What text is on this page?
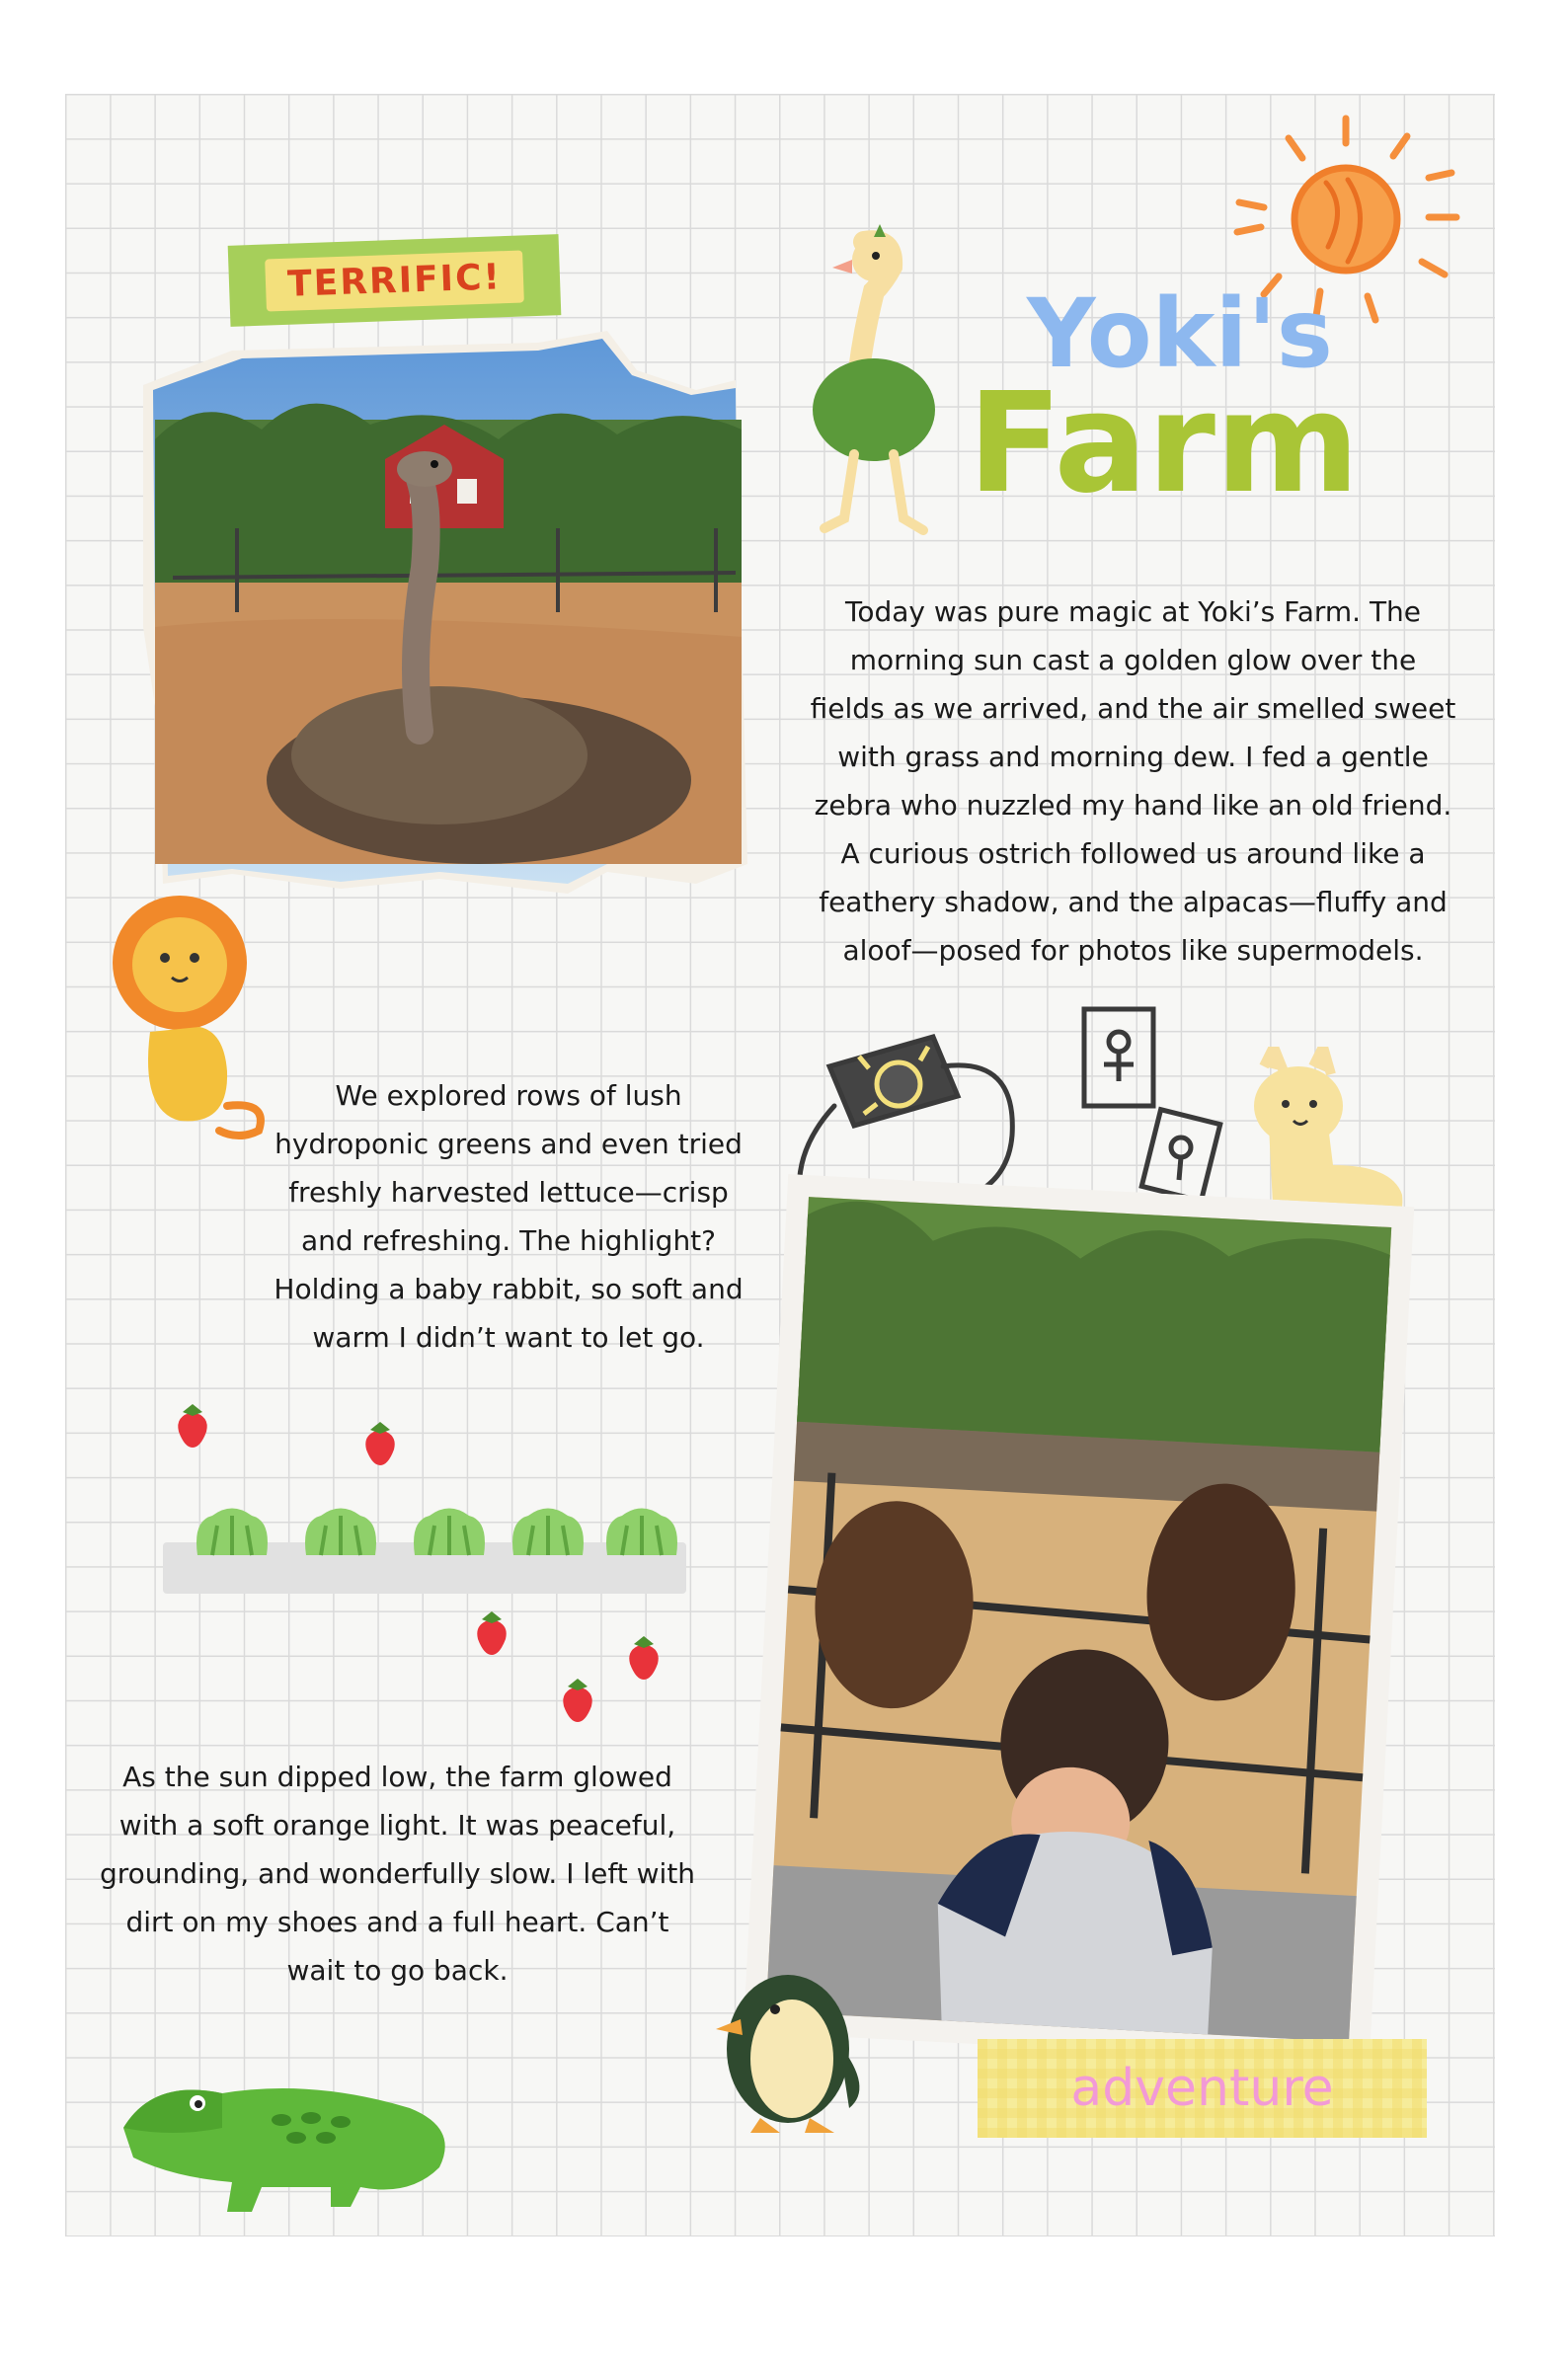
TERRIFIC!	Yoki's
Farm
Today was pure magic at Yoki’s Farm. The morning sun cast a golden glow over the fields as we arrived, and the air smelled sweet with grass and morning dew. I fed a gentle zebra who nuzzled my hand like an old friend. A curious ostrich followed us around like a feathery shadow, and the alpacas—fluffy and aloof—posed for photos like supermodels.
We explored rows of lush hydroponic greens and even tried freshly harvested lettuce—crisp and refreshing. The highlight? Holding a baby rabbit, so soft and warm I didn’t want to let go.
As the sun dipped low, the farm glowed with a soft orange light. It was peaceful, grounding, and wonderfully slow. I left with dirt on my shoes and a full heart. Can’t wait to go back.
adventure
